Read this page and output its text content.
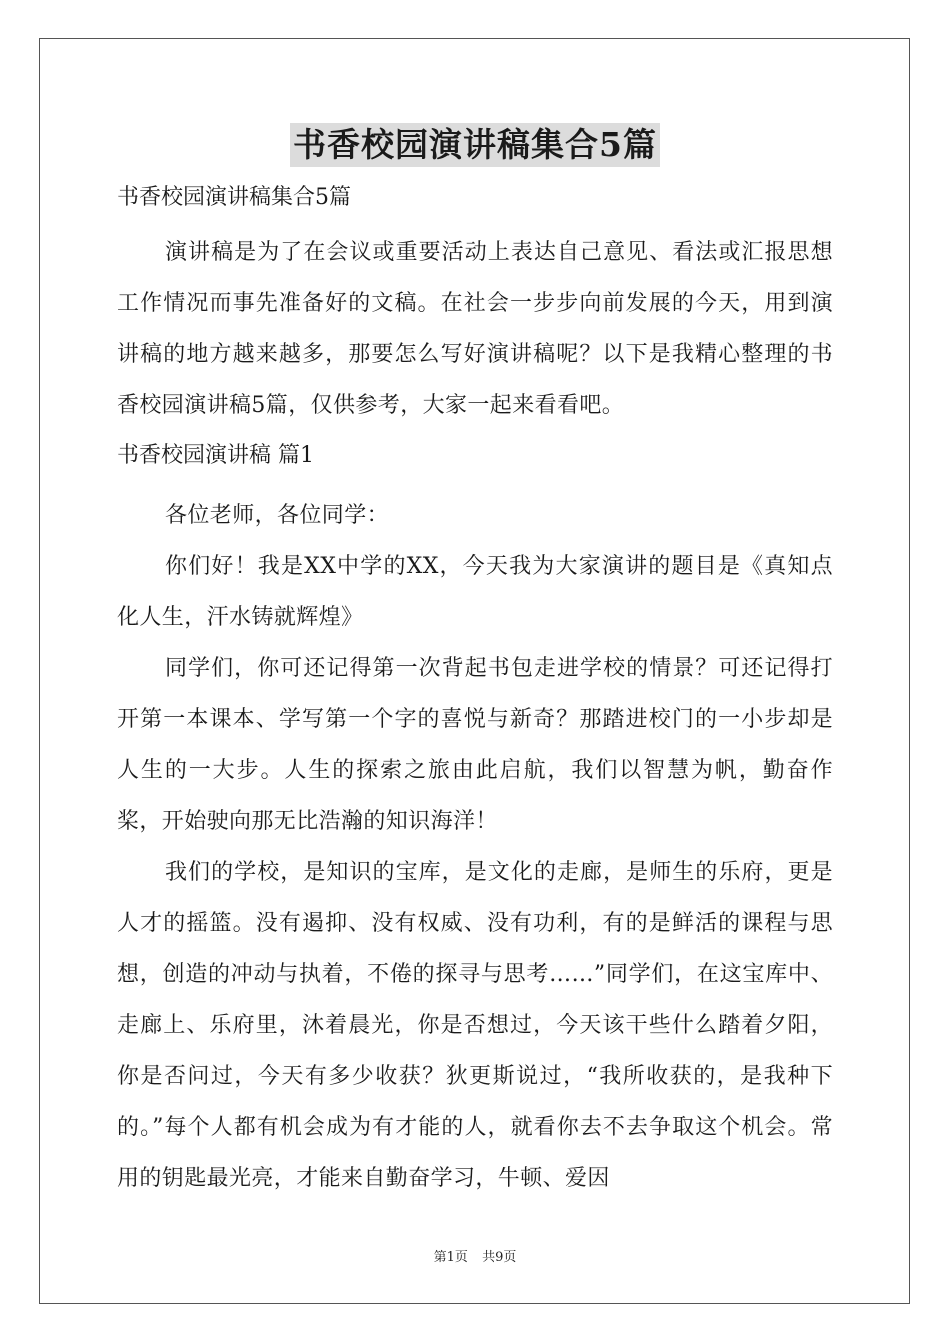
书香校园演讲稿集合5篇

书香校园演讲稿集合5篇

演讲稿是为了在会议或重要活动上表达自己意见、看法或汇报思想工作情况而事先准备好的文稿。在社会一步步向前发展的今天，用到演讲稿的地方越来越多，那要怎么写好演讲稿呢？以下是我精心整理的书香校园演讲稿5篇，仅供参考，大家一起来看看吧。

书香校园演讲稿 篇1

各位老师，各位同学：

你们好！我是XX中学的XX，今天我为大家演讲的题目是《真知点化人生，汗水铸就辉煌》

同学们，你可还记得第一次背起书包走进学校的情景？可还记得打开第一本课本、学写第一个字的喜悦与新奇？那踏进校门的一小步却是人生的一大步。人生的探索之旅由此启航，我们以智慧为帆，勤奋作桨，开始驶向那无比浩瀚的知识海洋！

我们的学校，是知识的宝库，是文化的走廊，是师生的乐府，更是人才的摇篮。没有遏抑、没有权威、没有功利，有的是鲜活的课程与思想，创造的冲动与执着，不倦的探寻与思考……”同学们，在这宝库中、走廊上、乐府里，沐着晨光，你是否想过，今天该干些什么踏着夕阳，你是否问过，今天有多少收获？狄更斯说过，“我所收获的，是我种下的。”每个人都有机会成为有才能的人，就看你去不去争取这个机会。常用的钥匙最光亮，才能来自勤奋学习，牛顿、爱因

第1页 共9页
